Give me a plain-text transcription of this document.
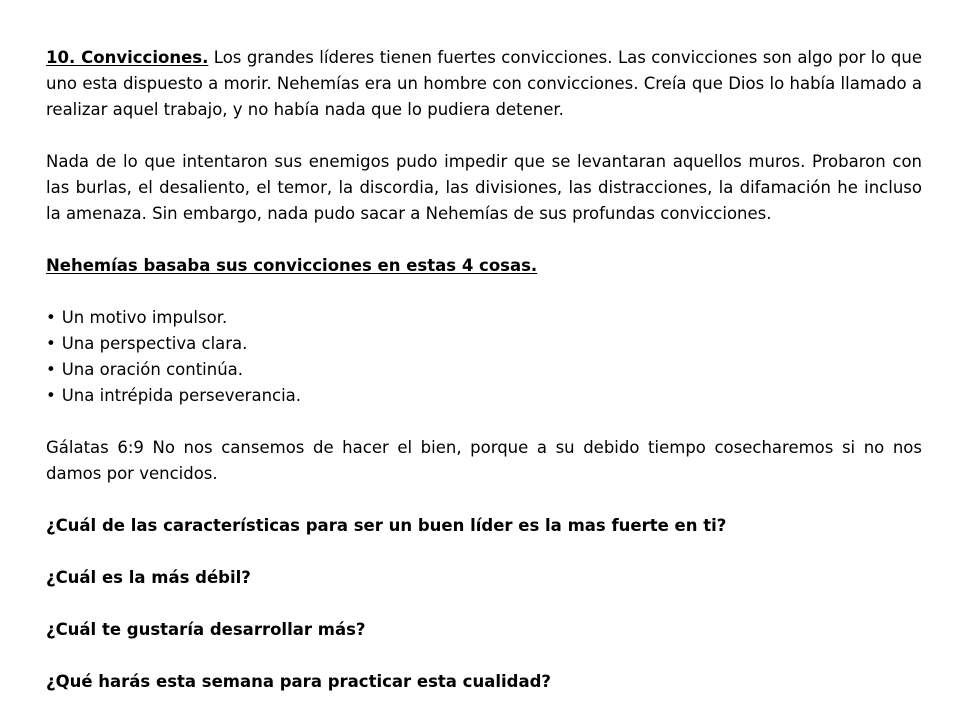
10. Convicciones. Los grandes líderes tienen fuertes convicciones. Las convicciones son algo por lo que uno esta dispuesto a morir. Nehemías era un hombre con convicciones. Creía que Dios lo había llamado a realizar aquel trabajo, y no había nada que lo pudiera detener.

Nada de lo que intentaron sus enemigos pudo impedir que se levantaran aquellos muros. Probaron con las burlas, el desaliento, el temor, la discordia, las divisiones, las distracciones, la difamación he incluso la amenaza. Sin embargo, nada pudo sacar a Nehemías de sus profundas convicciones.

Nehemías basaba sus convicciones en estas 4 cosas.

• Un motivo impulsor.
• Una perspectiva clara.
• Una oración continúa.
• Una intrépida perseverancia.

Gálatas 6:9 No nos cansemos de hacer el bien, porque a su debido tiempo cosecharemos si no nos damos por vencidos.

¿Cuál de las características para ser un buen líder es la mas fuerte en ti?

¿Cuál es la más débil?

¿Cuál te gustaría desarrollar más?

¿Qué harás esta semana para practicar esta cualidad?
